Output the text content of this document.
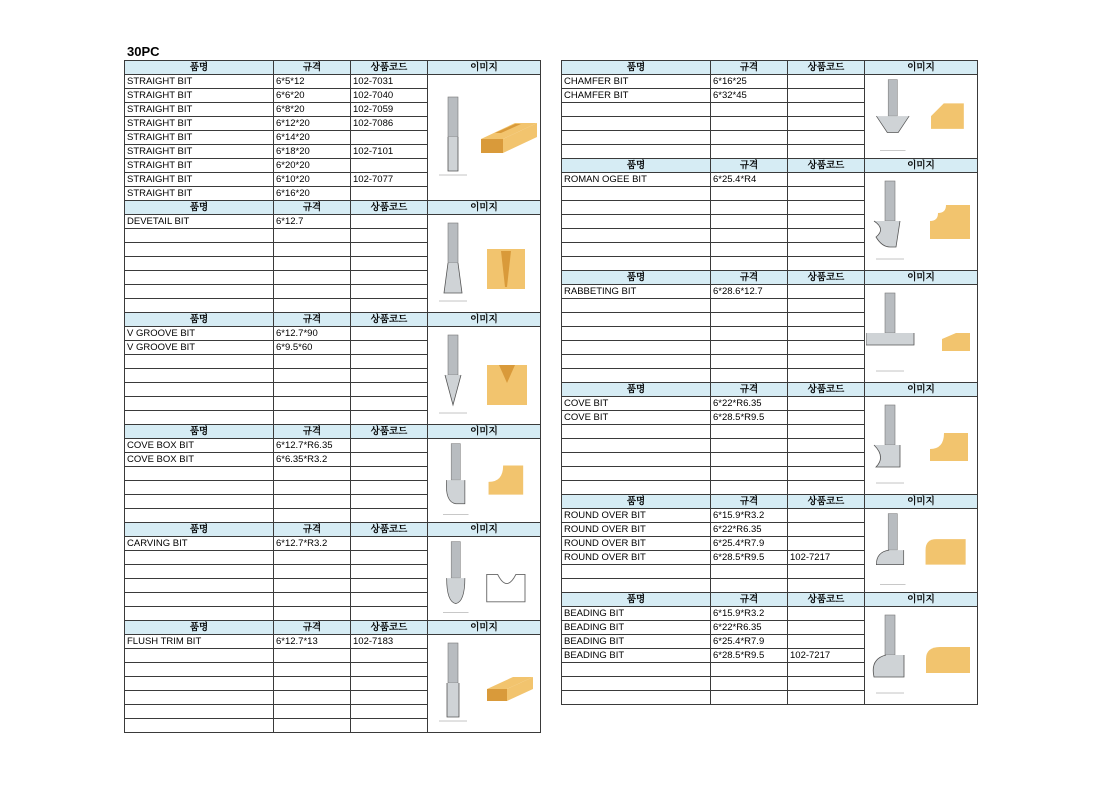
30PC
품명	규격	상품코드	이미지
STRAIGHT BIT	6*5*12	102-7031	

STRAIGHT BIT	6*6*20	102-7040	
STRAIGHT BIT	6*8*20	102-7059	
STRAIGHT BIT	6*12*20	102-7086	
STRAIGHT BIT	6*14*20		
STRAIGHT BIT	6*18*20	102-7101	
STRAIGHT BIT	6*20*20		
STRAIGHT BIT	6*10*20	102-7077	
STRAIGHT BIT	6*16*20		
품명	규격	상품코드	이미지
DEVETAIL BIT	6*12.7		

품명	규격	상품코드	이미지
V GROOVE BIT	6*12.7*90		

V GROOVE BIT	6*9.5*60		

품명	규격	상품코드	이미지
COVE BOX BIT	6*12.7*R6.35		

COVE BOX BIT	6*6.35*R3.2		

품명	규격	상품코드	이미지
CARVING BIT	6*12.7*R3.2		

품명	규격	상품코드	이미지
FLUSH TRIM BIT	6*12.7*13	102-7183	

품명	규격	상품코드	이미지
CHAMFER BIT	6*16*25		

CHAMFER BIT	6*32*45		

품명	규격	상품코드	이미지
ROMAN OGEE BIT	6*25.4*R4		

품명	규격	상품코드	이미지
RABBETING BIT	6*28.6*12.7		

품명	규격	상품코드	이미지
COVE BIT	6*22*R6.35		

COVE BIT	6*28.5*R9.5		

품명	규격	상품코드	이미지
ROUND OVER BIT	6*15.9*R3.2		

ROUND OVER BIT	6*22*R6.35		
ROUND OVER BIT	6*25.4*R7.9		
ROUND OVER BIT	6*28.5*R9.5	102-7217	

품명	규격	상품코드	이미지
BEADING BIT	6*15.9*R3.2		

BEADING BIT	6*22*R6.35		
BEADING BIT	6*25.4*R7.9		
BEADING BIT	6*28.5*R9.5	102-7217	
